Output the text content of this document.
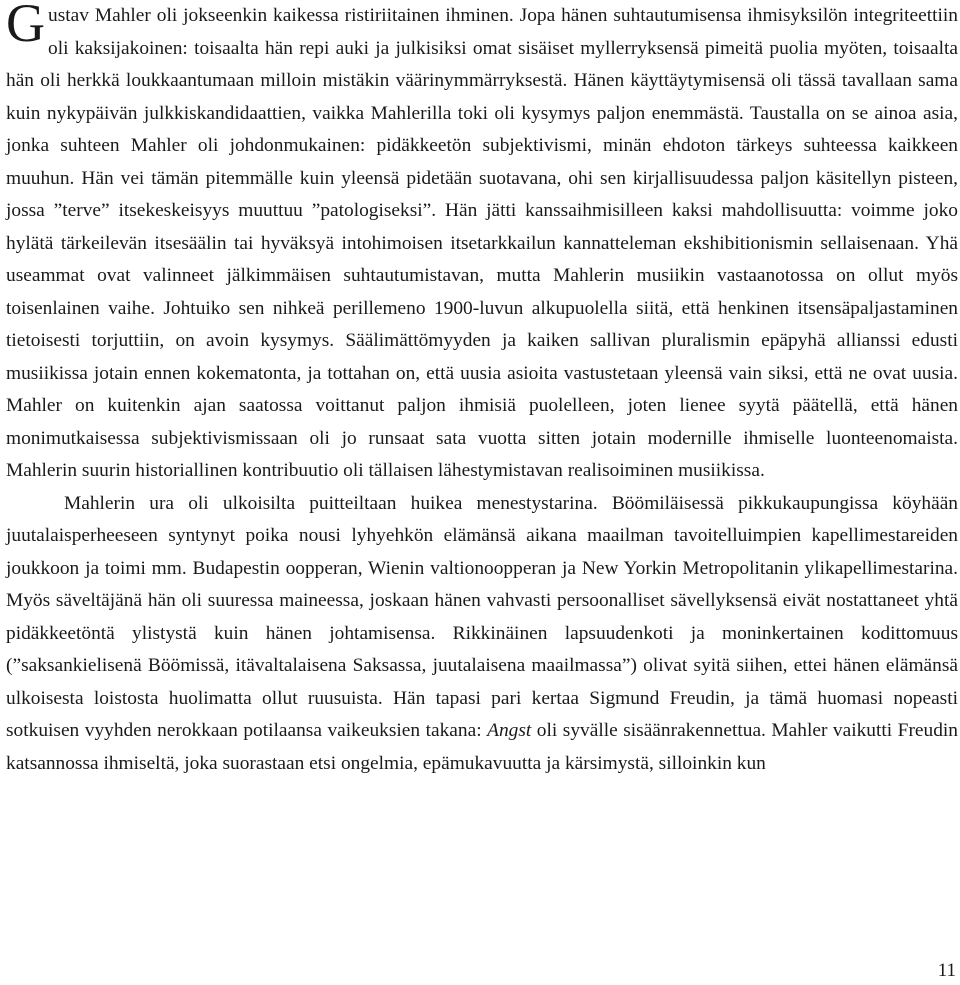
Gustav Mahler oli jokseenkin kaikessa ristiriitainen ihminen. Jopa hänen suhtautumisensa ihmisyksilön integriteettiin oli kaksijakoinen: toisaalta hän repi auki ja julkisiksi omat sisäiset myllerryksensä pimeitä puolia myöten, toisaalta hän oli herkkä loukkaantumaan milloin mistäkin väärinymmärryksestä. Hänen käyttäytymisensä oli tässä tavallaan sama kuin nykypäivän julkkiskandidaattien, vaikka Mahlerilla toki oli kysymys paljon enemmästä. Taustalla on se ainoa asia, jonka suhteen Mahler oli johdonmukainen: pidäkkeetön subjektivismi, minän ehdoton tärkeys suhteessa kaikkeen muuhun. Hän vei tämän pitemmälle kuin yleensä pidetään suotavana, ohi sen kirjallisuudessa paljon käsitellyn pisteen, jossa ”terve” itsekeskeisyys muuttuu ”patologiseksi”. Hän jätti kanssaihmisilleen kaksi mahdollisuutta: voimme joko hylätä tärkeilevän itsesäälin tai hyväksyä intohimoisen itsetarkkailun kannatteleman ekshibitionismin sellaisenaan. Yhä useammat ovat valinneet jälkimmäisen suhtautumistavan, mutta Mahlerin musiikin vastaanotossa on ollut myös toisenlainen vaihe. Johtuiko sen nihkeä perillemeno 1900-luvun alkupuolella siitä, että henkinen itsensäpaljastaminen tietoisesti torjuttiin, on avoin kysymys. Säälimättömyyden ja kaiken sallivan pluralismin epäpyhä allianssi edusti musiikissa jotain ennen kokematonta, ja tottahan on, että uusia asioita vastustetaan yleensä vain siksi, että ne ovat uusia. Mahler on kuitenkin ajan saatossa voittanut paljon ihmisiä puolelleen, joten lienee syytä päätellä, että hänen monimutkaisessa subjektivismissaan oli jo runsaat sata vuotta sitten jotain modernille ihmiselle luonteenomaista. Mahlerin suurin historiallinen kontribuutio oli tällaisen lähestymistavan realisoiminen musiikissa.

Mahlerin ura oli ulkoisilta puitteiltaan huikea menestystarina. Böömiläisessä pikkukaupungissa köyhään juutalaisperheeseen syntynyt poika nousi lyhyehkön elämänsä aikana maailman tavoitelluimpien kapellimestareiden joukkoon ja toimi mm. Budapestin oopperan, Wienin valtionoopperan ja New Yorkin Metropolitanin ylikapellimestarina. Myös säveltäjänä hän oli suuressa maineessa, joskaan hänen vahvasti persoonalliset sävellyksensä eivät nostattaneet yhtä pidäkkeetöntä ylistystä kuin hänen johtamisensa. Rikkinäinen lapsuudenkoti ja moninkertainen kodittomuus (”saksankielisenä Böömissä, itävaltalaisena Saksassa, juutalaisena maailmassa”) olivat syitä siihen, ettei hänen elämänsä ulkoisesta loistosta huolimatta ollut ruusuista. Hän tapasi pari kertaa Sigmund Freudin, ja tämä huomasi nopeasti sotkuisen vyyhden nerokkaan potilaansa vaikeuksien takana: Angst oli syvälle sisäänrakennettua. Mahler vaikutti Freudin katsannossa ihmiseltä, joka suorastaan etsi ongelmia, epämukavuutta ja kärsimystä, silloinkin kun

11
